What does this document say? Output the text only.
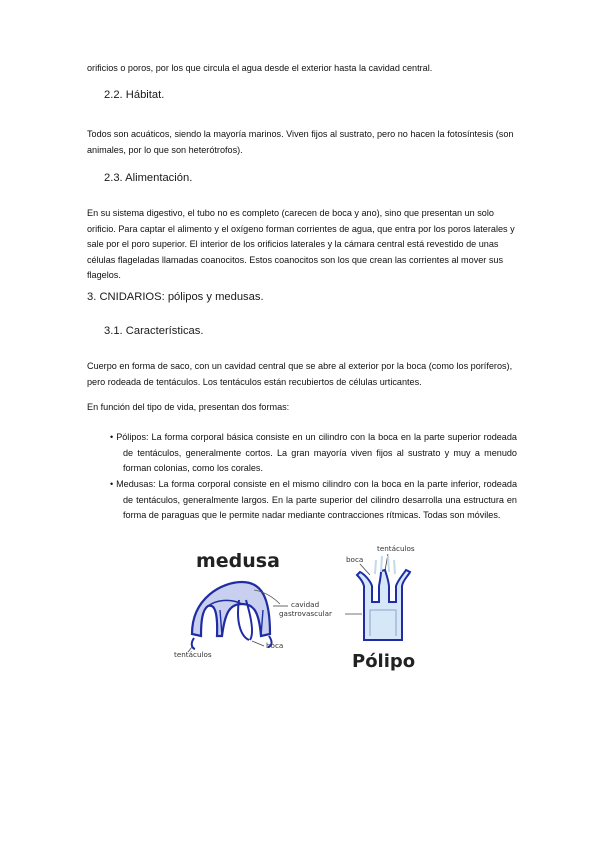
orificios o poros, por los que circula el agua desde el exterior hasta la cavidad central.
2.2. Hábitat.
Todos son acuáticos, siendo la mayoría marinos. Viven fijos al sustrato, pero no hacen la fotosíntesis (son animales, por lo que son heterótrofos).
2.3. Alimentación.
En su sistema digestivo, el tubo no es completo (carecen de boca y ano), sino que presentan un solo orificio. Para captar el alimento y el oxígeno forman corrientes de agua, que entra por los poros laterales y sale por el poro superior. El interior de los orificios laterales y la cámara central está revestido de unas células flageladas llamadas coanocitos. Estos coanocitos son los que crean las corrientes al mover sus flagelos.
3. CNIDARIOS: pólipos y medusas.
3.1. Características.
Cuerpo en forma de saco, con un cavidad central que se abre al exterior por la boca (como los poríferos), pero rodeada de tentáculos. Los tentáculos están recubiertos de células urticantes.
En función del tipo de vida, presentan dos formas:
• Pólipos: La forma corporal básica consiste en un cilindro con la boca en la parte superior rodeada de tentáculos, generalmente cortos. La gran mayoría viven fijos al sustrato y muy a menudo forman colonias, como los corales.
• Medusas: La forma corporal consiste en el mismo cilindro con la boca en la parte inferior, rodeada de tentáculos, generalmente largos. En la parte superior del cilindro desarrolla una estructura en forma de paraguas que le permite nadar mediante contracciones rítmicas. Todas son móviles.
medusa
cavidad
gastrovascular
tentáculos
boca
boca
tentáculos
Pólipo
